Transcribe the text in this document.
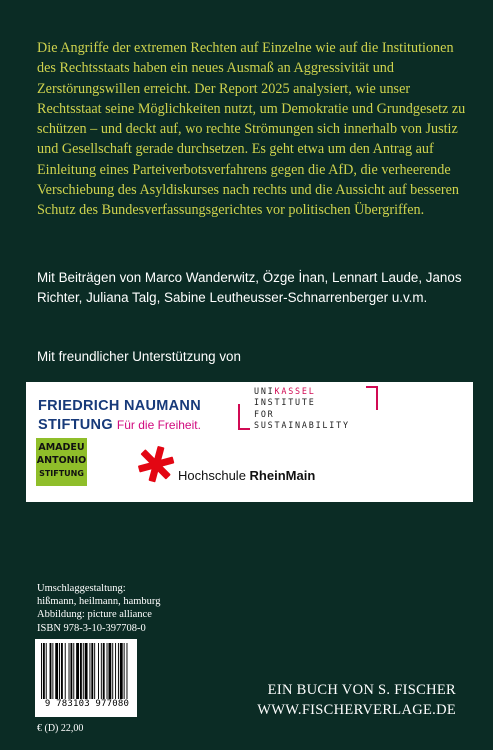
Die Angriffe der extremen Rechten auf Einzelne wie auf die Institutionen des Rechtsstaats haben ein neues Ausmaß an Aggressivität und Zerstörungswillen erreicht. Der Report 2025 analysiert, wie unser Rechtsstaat seine Möglichkeiten nutzt, um Demokratie und Grundgesetz zu schützen – und deckt auf, wo rechte Strömungen sich innerhalb von Justiz und Gesellschaft gerade durchsetzen. Es geht etwa um den Antrag auf Einleitung eines Parteiverbotsverfahrens gegen die AfD, die verheerende Verschiebung des Asyldiskurses nach rechts und die Aussicht auf besseren Schutz des Bundesverfassungsgerichtes vor politischen Übergriffen.
Mit Beiträgen von Marco Wanderwitz, Özge İnan, Lennart Laude, Janos Richter, Juliana Talg, Sabine Leutheusser-Schnarrenberger u.v.m.
Mit freundlicher Unterstützung von
FRIEDRICH NAUMANN
STIFTUNG Für die Freiheit.
UNIKASSEL
INSTITUTE
FOR
SUSTAINABILITY
AMADEU
ANTONIO
STIFTUNG	Hochschule RheinMain
Umschlaggestaltung:
hißmann, heilmann, hamburg
Abbildung: picture alliance
ISBN 978-3-10-397708-0
9 783103 977080
€ (D) 22,00
EIN BUCH VON S. FISCHER
WWW.FISCHERVERLAGE.DE
